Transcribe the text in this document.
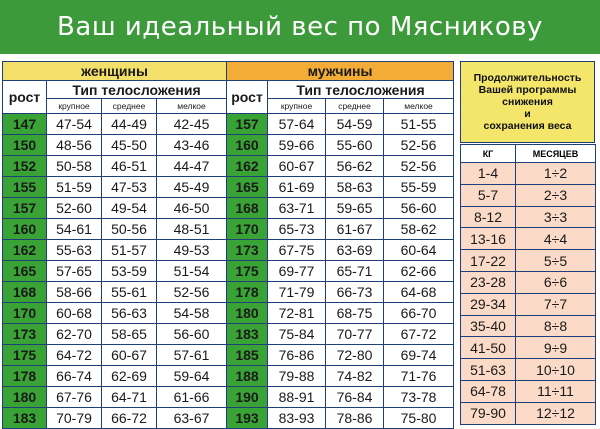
Ваш идеальный вес по Мясникову
женщины				мужчины			
рост	Тип телосложения			рост	Тип телосложения		
	крупное	среднее	мелкое		крупное	среднее	мелкое
147	47-54	44-49	42-45	157	57-64	54-59	51-55
150	48-56	45-50	43-46	160	59-66	55-60	52-56
152	50-58	46-51	44-47	162	60-67	56-62	52-56
155	51-59	47-53	45-49	165	61-69	58-63	55-59
157	52-60	49-54	46-50	168	63-71	59-65	56-60
160	54-61	50-56	48-51	170	65-73	61-67	58-62
162	55-63	51-57	49-53	173	67-75	63-69	60-64
165	57-65	53-59	51-54	175	69-77	65-71	62-66
168	58-66	55-61	52-56	178	71-79	66-73	64-68
170	60-68	56-63	54-58	180	72-81	68-75	66-70
173	62-70	58-65	56-60	183	75-84	70-77	67-72
175	64-72	60-67	57-61	185	76-86	72-80	69-74
178	66-74	62-69	59-64	188	79-88	74-82	71-76
180	67-76	64-71	61-66	190	88-91	76-84	73-78
183	70-79	66-72	63-67	193	83-93	78-86	75-80
Продолжительность
Вашей программы
снижения
и
сохранения веса
КГ	МЕСЯЦЕВ
1-4	1÷2
5-7	2÷3
8-12	3÷3
13-16	4÷4
17-22	5÷5
23-28	6÷6
29-34	7÷7
35-40	8÷8
41-50	9÷9
51-63	10÷10
64-78	11÷11
79-90	12÷12
